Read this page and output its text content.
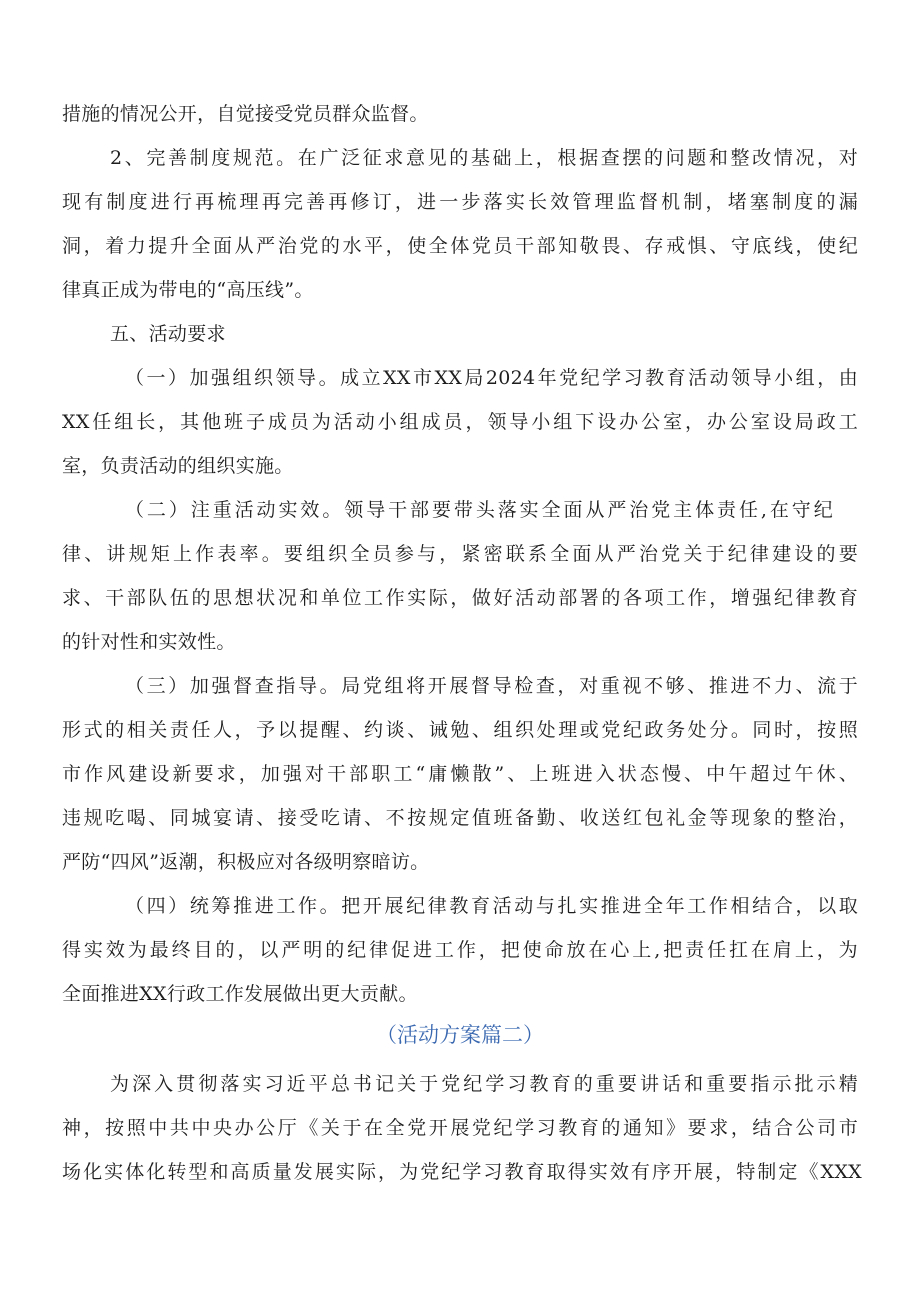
措施的情况公开，自觉接受党员群众监督。
2、完善制度规范。在广泛征求意见的基础上，根据查摆的问题和整改情况，对
现有制度进行再梳理再完善再修订，进一步落实长效管理监督机制，堵塞制度的漏
洞，着力提升全面从严治党的水平，使全体党员干部知敬畏、存戒惧、守底线，使纪
律真正成为带电的“高压线”。
五、活动要求
（一）加强组织领导。成立XX市XX局2024年党纪学习教育活动领导小组，由
XX任组长，其他班子成员为活动小组成员，领导小组下设办公室，办公室设局政工
室，负责活动的组织实施。
（二）注重活动实效。领导干部要带头落实全面从严治党主体责任,在守纪
律、讲规矩上作表率。要组织全员参与，紧密联系全面从严治党关于纪律建设的要
求、干部队伍的思想状况和单位工作实际，做好活动部署的各项工作，增强纪律教育
的针对性和实效性。
（三）加强督查指导。局党组将开展督导检查，对重视不够、推进不力、流于
形式的相关责任人，予以提醒、约谈、诫勉、组织处理或党纪政务处分。同时，按照
市作风建设新要求，加强对干部职工“庸懒散”、上班进入状态慢、中午超过午休、
违规吃喝、同城宴请、接受吃请、不按规定值班备勤、收送红包礼金等现象的整治，
严防“四风”返潮，积极应对各级明察暗访。
（四）统筹推进工作。把开展纪律教育活动与扎实推进全年工作相结合，以取
得实效为最终目的，以严明的纪律促进工作，把使命放在心上,把责任扛在肩上，为
全面推进XX行政工作发展做出更大贡献。
（活动方案篇二）
为深入贯彻落实习近平总书记关于党纪学习教育的重要讲话和重要指示批示精
神，按照中共中央办公厅《关于在全党开展党纪学习教育的通知》要求，结合公司市
场化实体化转型和高质量发展实际，为党纪学习教育取得实效有序开展，特制定《XXX
